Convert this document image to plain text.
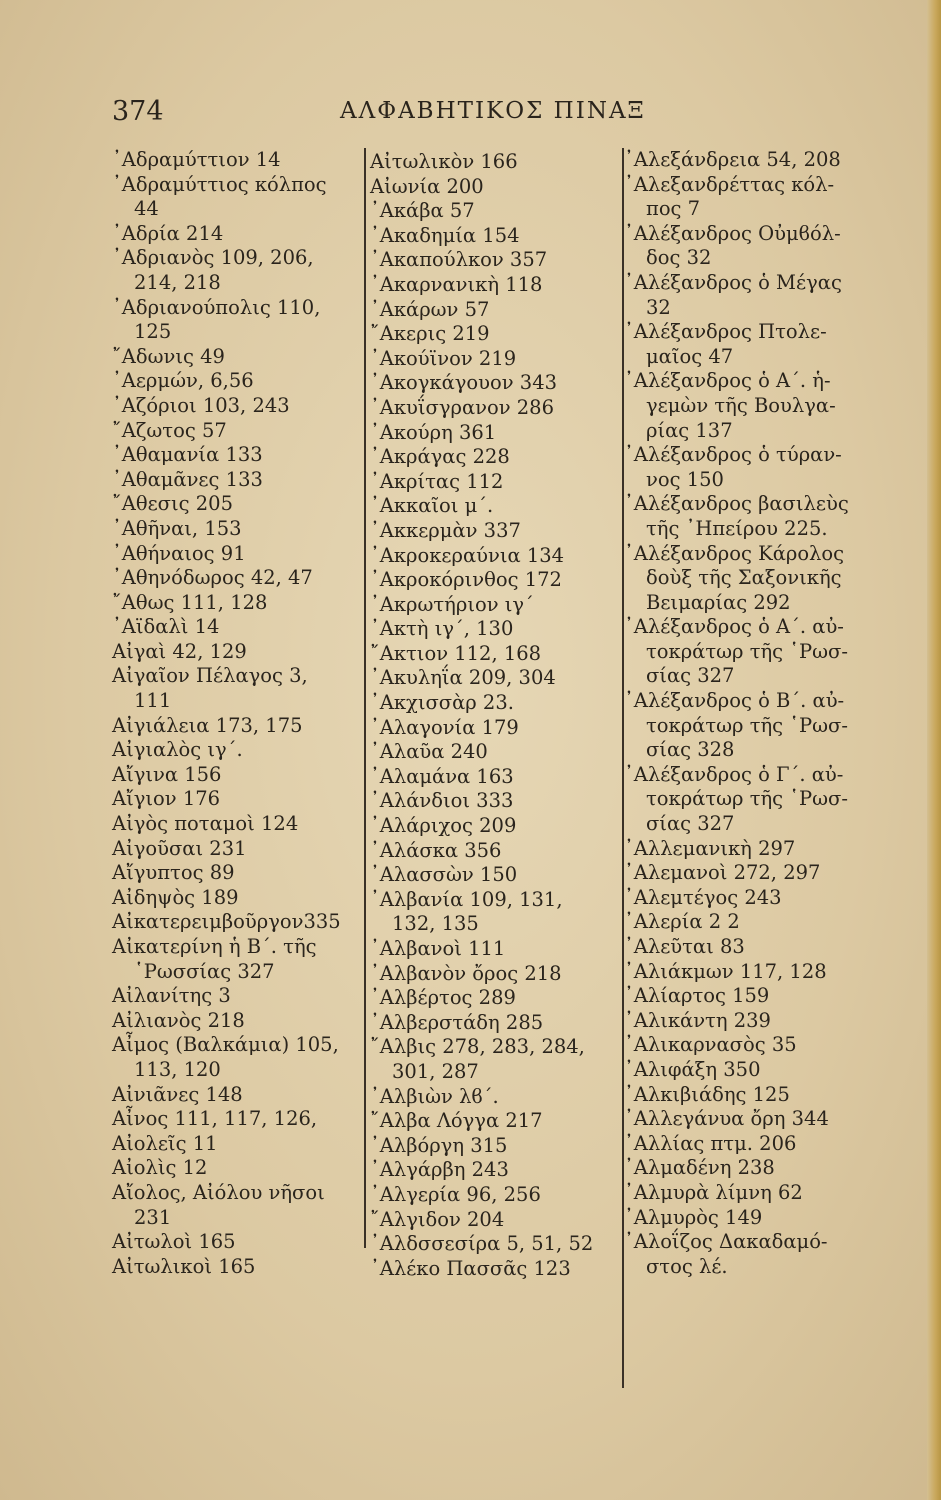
374	ΑΛΦΑΒΗΤΙΚΟΣ ΠΙΝΑΞ
᾿Αδραμύττιον 14
᾿Αδραμύττιος κόλπος
44
᾿Αδρία 214
᾿Αδριανὸς 109, 206,
214, 218
᾿Αδριανούπολις 110,
125
῎Αδωνις 49
᾿Αερμών, 6,56
᾿Αζόριοι 103, 243
῎Αζωτος 57
᾿Αθαμανία 133
᾿Αθαμᾶνες 133
῎Αθεσις 205
᾿Αθῆναι, 153
᾿Αθήναιος 91
᾿Αθηνόδωρος 42, 47
῎Αθως 111, 128
᾿Αϊδαλὶ 14
Αἰγαὶ 42, 129
Αἰγαῖον Πέλαγος 3,
111
Αἰγιάλεια 173, 175
Αἰγιαλὸς ιγ΄.
Αἴγινα 156
Αἴγιον 176
Αἰγὸς ποταμοὶ 124
Αἰγοῦσαι 231
Αἴγυπτος 89
Αἰδηψὸς 189
Αἰκατερειμβοῦργον335
Αἰκατερίνη ἡ Β΄. τῆς
῾Ρωσσίας 327
Αἰλανίτης 3
Αἰλιανὸς 218
Αἶμος (Βαλκάμια) 105,
113, 120
Αἰνιᾶνες 148
Αἶνος 111, 117, 126,
Αἰολεῖς 11
Αἰολὶς 12
Αἴολος, Αἰόλου νῆσοι
231
Αἰτωλοὶ 165
Αἰτωλικοὶ 165
Αἰτωλικὸν 166
Αἰωνία 200
᾿Ακάβα 57
᾿Ακαδημία 154
᾿Ακαπούλκον 357
᾿Ακαρνανικὴ 118
᾿Ακάρων 57
῎Ακερις 219
᾿Ακούϊνον 219
᾿Ακογκάγουον 343
᾿Ακυΐσγρανον 286
᾿Ακούρη 361
᾿Ακράγας 228
᾿Ακρίτας 112
᾿Ακκαῖοι μ΄.
᾿Ακκερμὰν 337
᾿Ακροκεραύνια 134
᾿Ακροκόρινθος 172
᾿Ακρωτήριον ιγ΄
᾿Ακτὴ ιγ΄, 130
῎Ακτιον 112, 168
᾿Ακυληΐα 209, 304
᾿Ακχισσὰρ 23.
᾿Αλαγονία 179
᾿Αλαῦα 240
᾿Αλαμάνα 163
᾿Αλάνδιοι 333
᾿Αλάριχος 209
᾿Αλάσκα 356
᾿Αλασσὼν 150
᾿Αλβανία 109, 131,
132, 135
᾿Αλβανοὶ 111
᾿Αλβανὸν ὄρος 218
᾿Αλβέρτος 289
᾿Αλβερστάδη 285
῎Αλβις 278, 283, 284,
301, 287
᾿Αλβιὼν λϐ΄.
῎Αλβα Λόγγα 217
᾿Αλβόργη 315
᾿Αλγάρβη 243
᾿Αλγερία 96, 256
῎Αλγιδον 204
᾿Αλδσσεσίρα 5, 51, 52
᾿Αλέκο Πασσᾶς 123
᾿Αλεξάνδρεια 54, 208
᾿Αλεξανδρέττας κόλ-
πος 7
᾿Αλέξανδρος Οὐμϐόλ-
δος 32
᾿Αλέξανδρος ὁ Μέγας
32
᾿Αλέξανδρος Πτολε-
μαῖος 47
᾿Αλέξανδρος ὁ Α΄. ἡ-
γεμὼν τῆς Βουλγα-
ρίας 137
᾿Αλέξανδρος ὁ τύραν-
νος 150
᾿Αλέξανδρος βασιλεὺς
τῆς ᾿Ηπείρου 225.
᾿Αλέξανδρος Κάρολος
δοὺξ τῆς Σαξονικῆς
Βειμαρίας 292
᾿Αλέξανδρος ὁ Α΄. αὐ-
τοκράτωρ τῆς ῾Ρωσ-
σίας 327
᾿Αλέξανδρος ὁ Β΄. αὐ-
τοκράτωρ τῆς ῾Ρωσ-
σίας 328
᾿Αλέξανδρος ὁ Γ΄. αὐ-
τοκράτωρ τῆς ῾Ρωσ-
σίας 327
᾿Αλλεμανικὴ 297
᾿Αλεμανοὶ 272, 297
᾿Αλεμτέγος 243
᾿Αλερία 2 2
᾿Αλεῦται 83
᾿Αλιάκμων 117, 128
᾿Αλίαρτος 159
᾿Αλικάντη 239
᾿Αλικαρνασὸς 35
᾿Αλιφάξη 350
᾿Αλκιβιάδης 125
᾿Αλλεγάνυα ὄρη 344
᾿Αλλίας πτμ. 206
᾿Αλμαδένη 238
᾿Αλμυρὰ λίμνη 62
᾿Αλμυρὸς 149
᾿Αλοΐζος Δακαδαμό-
στος λέ.
